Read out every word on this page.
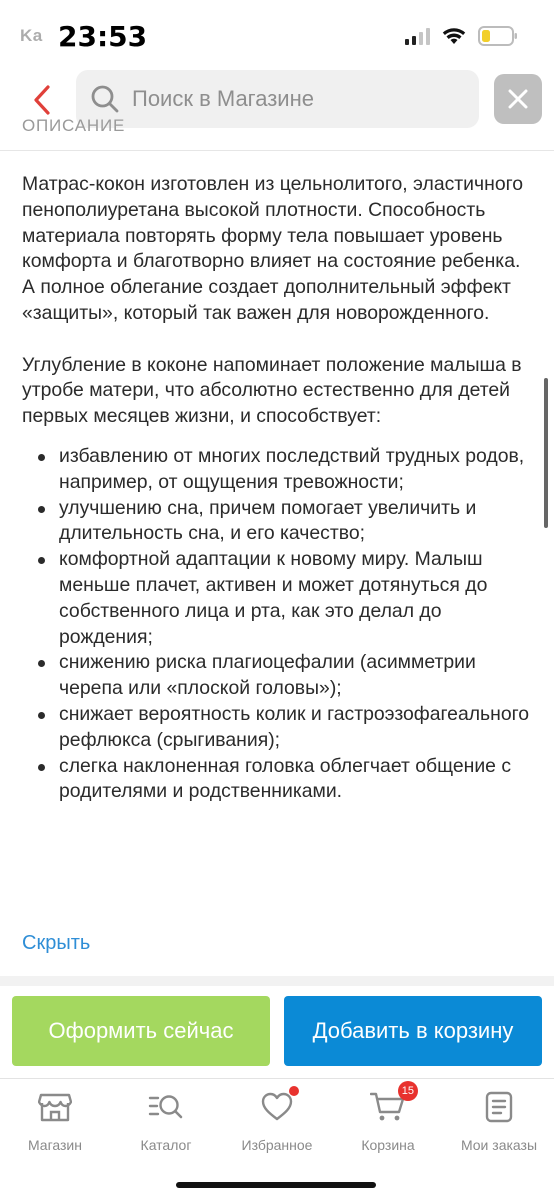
Ka 23:53
Поиск в Магазине
ОПИСАНИЕ

Матрас-кокон изготовлен из цельнолитого, эластичного пенополиуретана высокой плотности. Способность материала повторять форму тела повышает уровень комфорта и благотворно влияет на состояние ребенка. А полное облегание создает дополнительный эффект «защиты», который так важен для новорожденного.

Углубление в коконе напоминает положение малыша в утробе матери, что абсолютно естественно для детей первых месяцев жизни, и способствует:

избавлению от многих последствий трудных родов, например, от ощущения тревожности;
улучшению сна, причем помогает увеличить и длительность сна, и его качество;
комфортной адаптации к новому миру. Малыш меньше плачет, активен и может дотянуться до собственного лица и рта, как это делал до рождения;
снижению риска плагиоцефалии (асимметрии черепа или «плоской головы»);
снижает вероятность колик и гастроэзофагеального рефлюкса (срыгивания);
слегка наклоненная головка облегчает общение с родителями и родственниками.
Скрыть
Оформить сейчас	Добавить в корзину
Магазин	Каталог	Избранное
15
Корзина	Мои заказы
